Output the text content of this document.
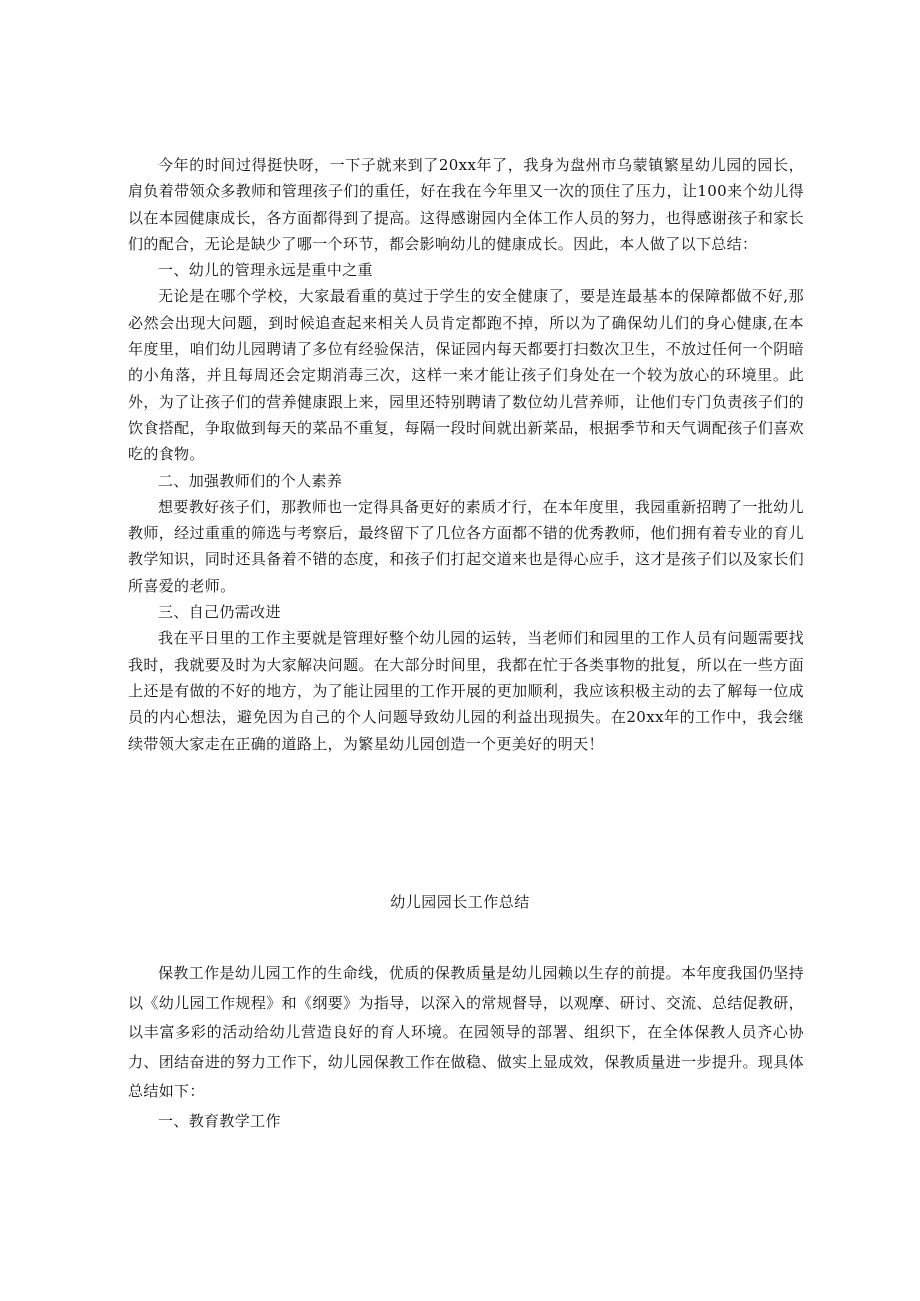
今年的时间过得挺快呀，一下子就来到了20xx年了，我身为盘州市乌蒙镇繁星幼儿园的园长，肩负着带领众多教师和管理孩子们的重任，好在我在今年里又一次的顶住了压力，让100来个幼儿得以在本园健康成长，各方面都得到了提高。这得感谢园内全体工作人员的努力，也得感谢孩子和家长们的配合，无论是缺少了哪一个环节，都会影响幼儿的健康成长。因此，本人做了以下总结：

一、幼儿的管理永远是重中之重

无论是在哪个学校，大家最看重的莫过于学生的安全健康了，要是连最基本的保障都做不好,那必然会出现大问题，到时候追查起来相关人员肯定都跑不掉，所以为了确保幼儿们的身心健康,在本年度里，咱们幼儿园聘请了多位有经验保洁，保证园内每天都要打扫数次卫生，不放过任何一个阴暗的小角落，并且每周还会定期消毒三次，这样一来才能让孩子们身处在一个较为放心的环境里。此外，为了让孩子们的营养健康跟上来，园里还特别聘请了数位幼儿营养师，让他们专门负责孩子们的饮食搭配，争取做到每天的菜品不重复，每隔一段时间就出新菜品，根据季节和天气调配孩子们喜欢吃的食物。

二、加强教师们的个人素养

想要教好孩子们，那教师也一定得具备更好的素质才行，在本年度里，我园重新招聘了一批幼儿教师，经过重重的筛选与考察后，最终留下了几位各方面都不错的优秀教师，他们拥有着专业的育儿教学知识，同时还具备着不错的态度，和孩子们打起交道来也是得心应手，这才是孩子们以及家长们所喜爱的老师。

三、自己仍需改进

我在平日里的工作主要就是管理好整个幼儿园的运转，当老师们和园里的工作人员有问题需要找我时，我就要及时为大家解决问题。在大部分时间里，我都在忙于各类事物的批复，所以在一些方面上还是有做的不好的地方，为了能让园里的工作开展的更加顺利，我应该积极主动的去了解每一位成员的内心想法，避免因为自己的个人问题导致幼儿园的利益出现损失。在20xx年的工作中，我会继续带领大家走在正确的道路上，为繁星幼儿园创造一个更美好的明天！

幼儿园园长工作总结

保教工作是幼儿园工作的生命线，优质的保教质量是幼儿园赖以生存的前提。本年度我国仍坚持以《幼儿园工作规程》和《纲要》为指导，以深入的常规督导，以观摩、研讨、交流、总结促教研，以丰富多彩的活动给幼儿营造良好的育人环境。在园领导的部署、组织下，在全体保教人员齐心协力、团结奋进的努力工作下，幼儿园保教工作在做稳、做实上显成效，保教质量进一步提升。现具体总结如下：

一、教育教学工作
